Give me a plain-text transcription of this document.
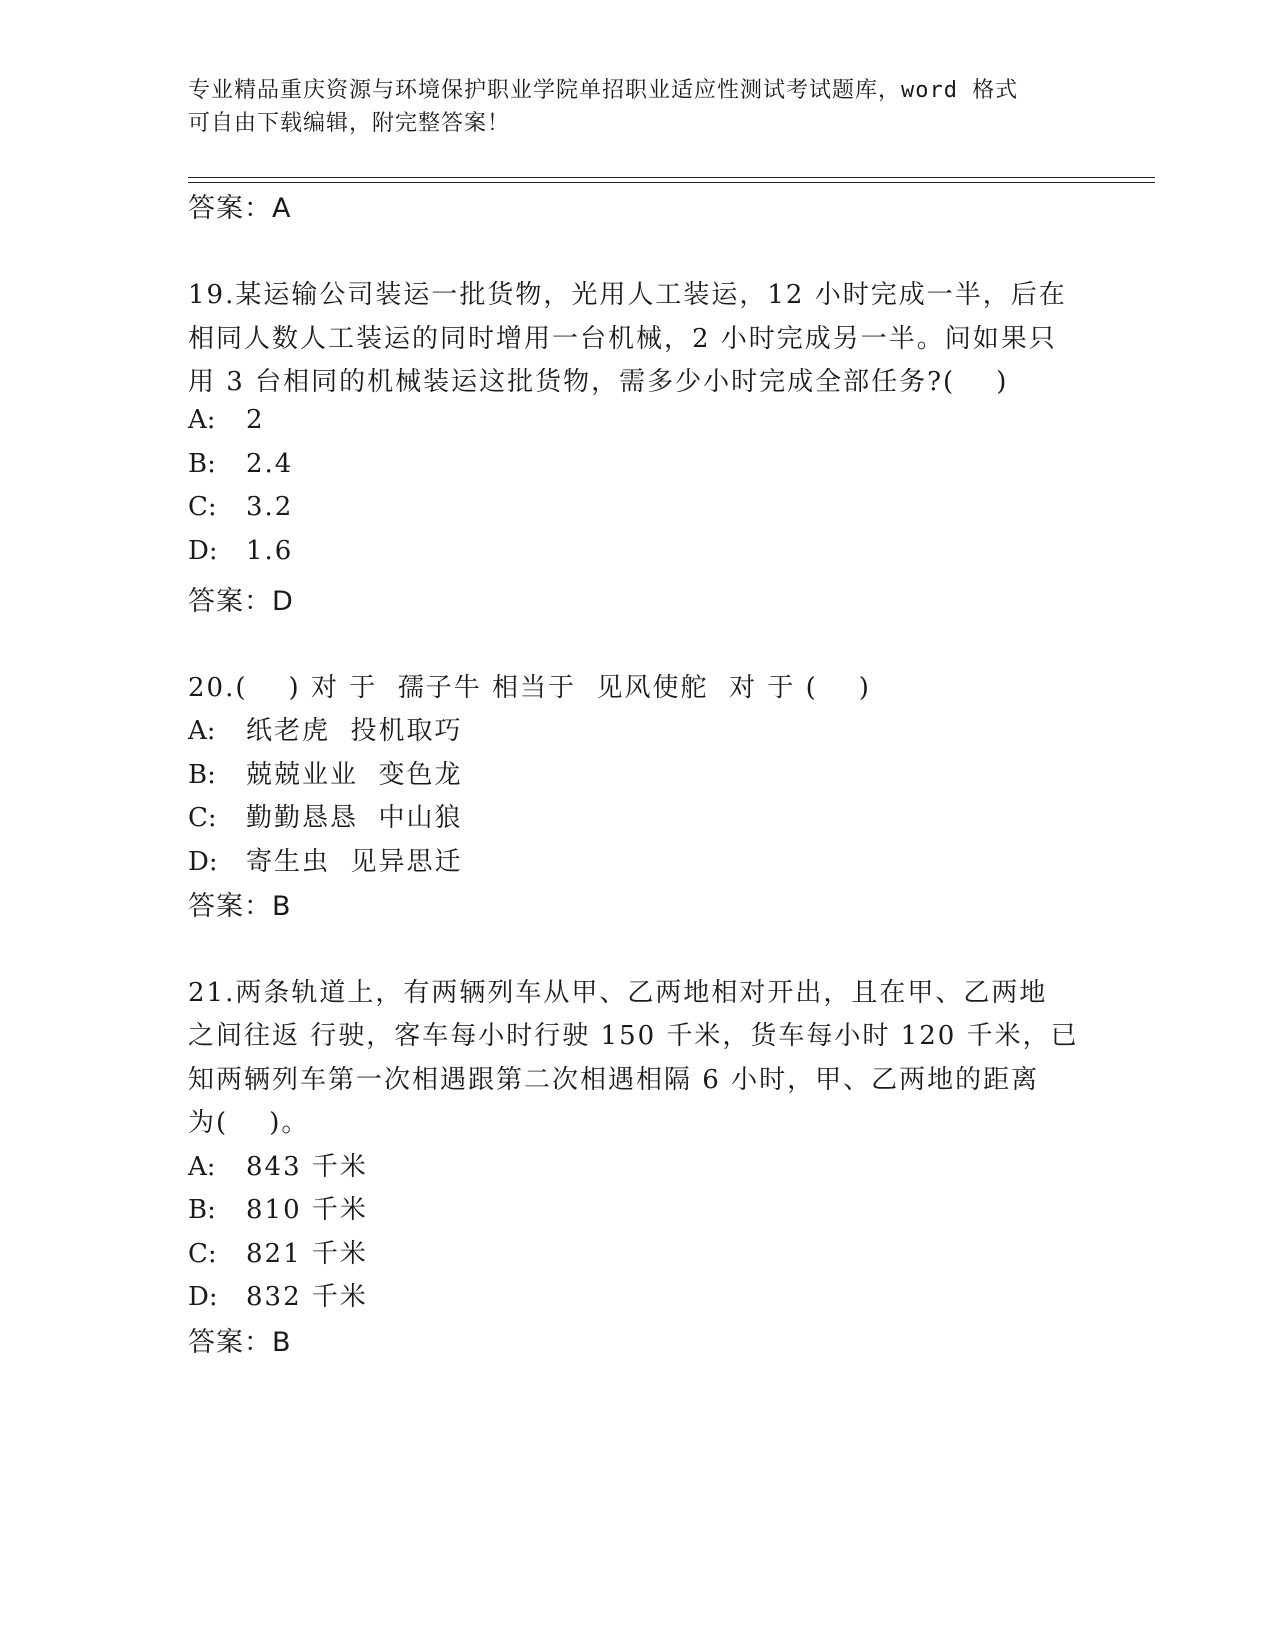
专业精品重庆资源与环境保护职业学院单招职业适应性测试考试题库，word 格式
可自由下载编辑，附完整答案！
答案：A
19.某运输公司装运一批货物，光用人工装运，12 小时完成一半，后在
相同人数人工装运的同时增用一台机械，2 小时完成另一半。问如果只
用 3 台相同的机械装运这批货物，需多少小时完成全部任务?(    )
A: 2
B: 2.4
C: 3.2
D: 1.6
答案：D
20.(    ) 对 于  孺子牛 相当于  见风使舵  对 于 (    )
A: 纸老虎  投机取巧
B: 兢兢业业  变色龙
C: 勤勤恳恳  中山狼
D: 寄生虫  见异思迁
答案：B
21.两条轨道上，有两辆列车从甲、乙两地相对开出，且在甲、乙两地
之间往返 行驶，客车每小时行驶 150 千米，货车每小时 120 千米，已
知两辆列车第一次相遇跟第二次相遇相隔 6 小时，甲、乙两地的距离
为(    )。
A: 843 千米
B: 810 千米
C: 821 千米
D: 832 千米
答案：B
